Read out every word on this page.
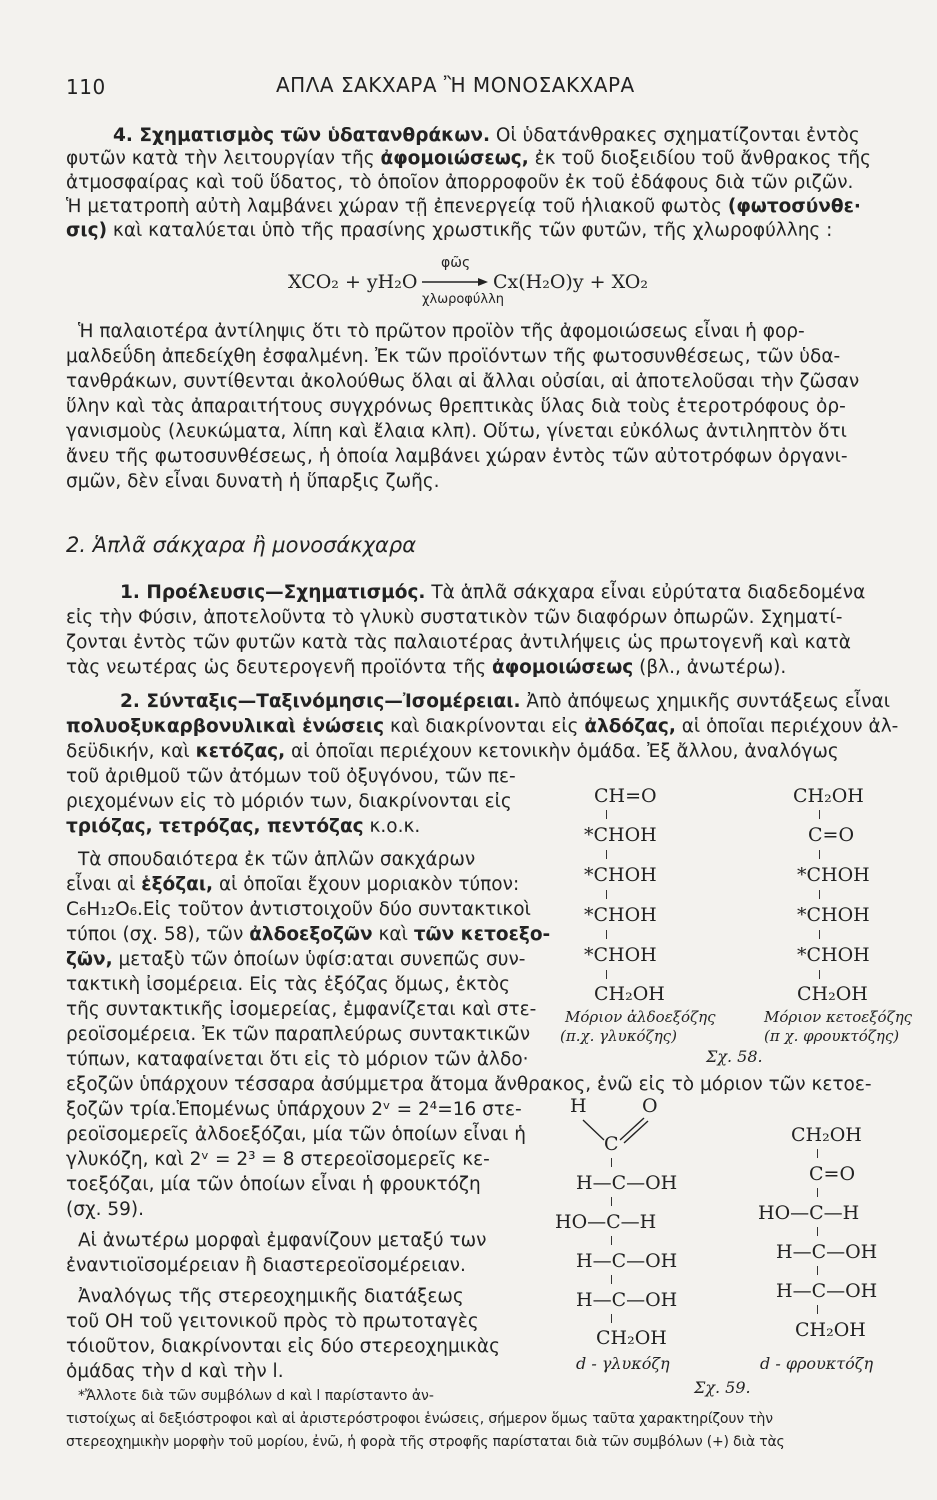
110	ΑΠΛΑ ΣΑΚΧΑΡΑ Ἢ ΜΟΝΟΣΑΚΧΑΡΑ
4. Σχηματισμὸς τῶν ὑδατανθράκων. Οἱ ὑδατάνθρακες σχηματίζονται ἐντὸς
φυτῶν κατὰ τὴν λειτουργίαν τῆς ἀφομοιώσεως, ἐκ τοῦ διοξειδίου τοῦ ἄνθρακος τῆς
ἀτμοσφαίρας καὶ τοῦ ὕδατος, τὸ ὁποῖον ἀπορροφοῦν ἐκ τοῦ ἐδάφους διὰ τῶν ριζῶν.
Ἡ μετατροπὴ αὐτὴ λαμβάνει χώραν τῇ ἐπενεργείᾳ τοῦ ἡλιακοῦ φωτὸς (φωτοσύνθε·
σις) καὶ καταλύεται ὑπὸ τῆς πρασίνης χρωστικῆς τῶν φυτῶν, τῆς χλωροφύλλης :
XCO₂ + yH₂O
φῶς
χλωροφύλλη
Cx(H₂O)y + XO₂
Ἡ παλαιοτέρα ἀντίληψις ὅτι τὸ πρῶτον προϊὸν τῆς ἀφομοιώσεως εἶναι ἡ φορ-
μαλδεΰδη ἀπεδείχθη ἐσφαλμένη. Ἐκ τῶν προϊόντων τῆς φωτοσυνθέσεως, τῶν ὑδα-
τανθράκων, συντίθενται ἀκολούθως ὅλαι αἱ ἄλλαι οὐσίαι, αἱ ἀποτελοῦσαι τὴν ζῶσαν
ὕλην καὶ τὰς ἀπαραιτήτους συγχρόνως θρεπτικὰς ὕλας διὰ τοὺς ἑτεροτρόφους ὀρ-
γανισμοὺς (λευκώματα, λίπη καὶ ἔλαια κλπ). Οὕτω, γίνεται εὐκόλως ἀντιληπτὸν ὅτι
ἄνευ τῆς φωτοσυνθέσεως, ἡ ὁποία λαμβάνει χώραν ἐντὸς τῶν αὐτοτρόφων ὀργανι-
σμῶν, δὲν εἶναι δυνατὴ ἡ ὕπαρξις ζωῆς.
2. Ἁπλᾶ σάκχαρα ἢ μονοσάκχαρα
1. Προέλευσις—Σχηματισμός. Τὰ ἁπλᾶ σάκχαρα εἶναι εὐρύτατα διαδεδομένα
εἰς τὴν Φύσιν, ἀποτελοῦντα τὸ γλυκὺ συστατικὸν τῶν διαφόρων ὀπωρῶν. Σχηματί-
ζονται ἐντὸς τῶν φυτῶν κατὰ τὰς παλαιοτέρας ἀντιλήψεις ὡς πρωτογενῆ καὶ κατὰ
τὰς νεωτέρας ὡς δευτερογενῆ προϊόντα τῆς ἀφομοιώσεως (βλ., ἀνωτέρω).
2. Σύνταξις—Ταξινόμησις—Ἰσομέρειαι. Ἀπὸ ἀπόψεως χημικῆς συντάξεως εἶναι
πολυοξυκαρβονυλικαὶ ἑνώσεις καὶ διακρίνονται εἰς ἀλδόζας, αἱ ὁποῖαι περιέχουν ἀλ-
δεϋδικήν, καὶ κετόζας, αἱ ὁποῖαι περιέχουν κετονικὴν ὁμάδα. Ἐξ ἄλλου, ἀναλόγως
τοῦ ἀριθμοῦ τῶν ἀτόμων τοῦ ὀξυγόνου, τῶν πε-
ριεχομένων εἰς τὸ μόριόν των, διακρίνονται εἰς
τριόζας, τετρόζας, πεντόζας κ.ο.κ.
Τὰ σπουδαιότερα ἐκ τῶν ἁπλῶν σακχάρων
εἶναι αἱ ἑξόζαι, αἱ ὁποῖαι ἔχουν μοριακὸν τύπον:
C₆H₁₂O₆.Εἰς τοῦτον ἀντιστοιχοῦν δύο συντακτικοὶ
τύποι (σχ. 58), τῶν ἀλδοεξοζῶν καὶ τῶν κετοεξο-
ζῶν, μεταξὺ τῶν ὁποίων ὑφίσ:αται συνεπῶς συν-
τακτικὴ ἰσομέρεια. Εἰς τὰς ἑξόζας ὅμως, ἐκτὸς
τῆς συντακτικῆς ἰσομερείας, ἐμφανίζεται καὶ στε-
ρεοϊσομέρεια. Ἐκ τῶν παραπλεύρως συντακτικῶν
τύπων, καταφαίνεται ὅτι εἰς τὸ μόριον τῶν ἀλδο·
εξοζῶν ὑπάρχουν τέσσαρα ἀσύμμετρα ἄτομα ἄνθρακος, ἐνῶ εἰς τὸ μόριον τῶν κετοε-
ξοζῶν τρία.Ἑπομένως ὑπάρχουν 2ᵛ = 2⁴=16 στε-
ρεοϊσομερεῖς ἀλδοεξόζαι, μία τῶν ὁποίων εἶναι ἡ
γλυκόζη, καὶ 2ᵛ = 2³ = 8 στερεοϊσομερεῖς κε-
τοεξόζαι, μία τῶν ὁποίων εἶναι ἡ φρουκτόζη
(σχ. 59).
Αἱ ἀνωτέρω μορφαὶ ἐμφανίζουν μεταξύ των
ἐναντιοϊσομέρειαν ἢ διαστερεοϊσομέρειαν.
Ἀναλόγως τῆς στερεοχημικῆς διατάξεως
τοῦ ΟΗ τοῦ γειτονικοῦ πρὸς τὸ πρωτοταγὲς
τόιοῦτον, διακρίνονται εἰς δύο στερεοχημικὰς
ὁμάδας τὴν d καὶ τὴν l.
CH=O
*CHOH
*CHOH
*CHOH
*CHOH
CH₂OH
CH₂OH
C=O
*CHOH
*CHOH
*CHOH
CH₂OH
Μόριον ἀλδοεξόζης
(π.χ. γλυκόζης)
Μόριον κετοεξόζης
(π χ. φρουκτόζης)
Σχ. 58.
H	O
C
H—C—OH
HO—C—H
H—C—OH
H—C—OH
CH₂OH
CH₂OH
C=O
HO—C—H
H—C—OH
H—C—OH
CH₂OH
d - γλυκόζη	d - φρουκτόζη
Σχ. 59.
*Ἄλλοτε διὰ τῶν συμβόλων d καὶ l παρίσταντο ἀν-
τιστοίχως αἱ δεξιόστροφοι καὶ αἱ ἀριστερόστροφοι ἑνώσεις, σήμερον ὅμως ταῦτα χαρακτηρίζουν τὴν
στερεοχημικὴν μορφὴν τοῦ μορίου, ἐνῶ, ἡ φορὰ τῆς στροφῆς παρίσταται διὰ τῶν συμβόλων (+) διὰ τὰς
